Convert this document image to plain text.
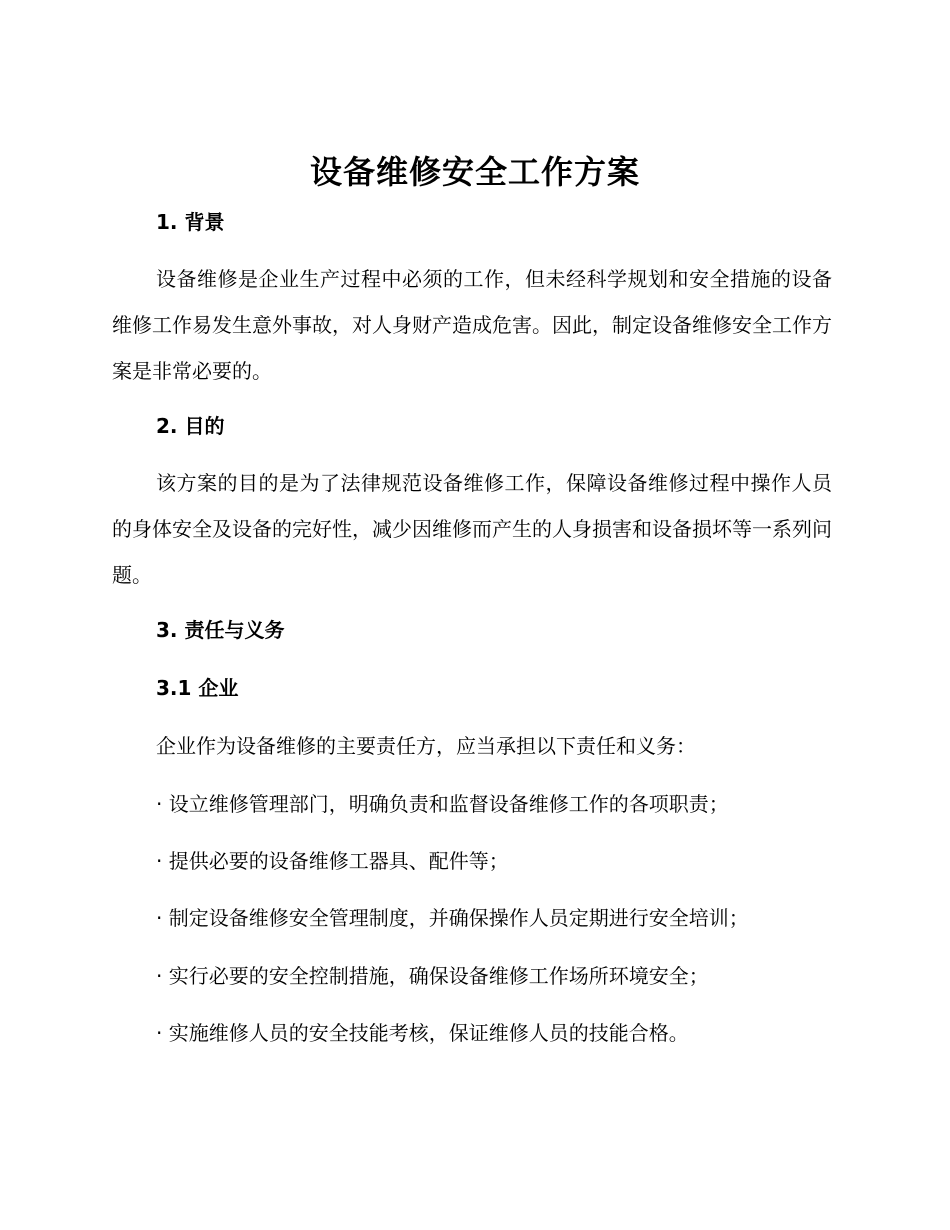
设备维修安全工作方案
1. 背景

设备维修是企业生产过程中必须的工作，但未经科学规划和安全措施的设备维修工作易发生意外事故，对人身财产造成危害。因此，制定设备维修安全工作方案是非常必要的。

2. 目的

该方案的目的是为了法律规范设备维修工作，保障设备维修过程中操作人员的身体安全及设备的完好性，减少因维修而产生的人身损害和设备损坏等一系列问题。

3. 责任与义务
3.1 企业
企业作为设备维修的主要责任方，应当承担以下责任和义务：
· 设立维修管理部门，明确负责和监督设备维修工作的各项职责；
· 提供必要的设备维修工器具、配件等；
· 制定设备维修安全管理制度，并确保操作人员定期进行安全培训；
· 实行必要的安全控制措施，确保设备维修工作场所环境安全；
· 实施维修人员的安全技能考核，保证维修人员的技能合格。
